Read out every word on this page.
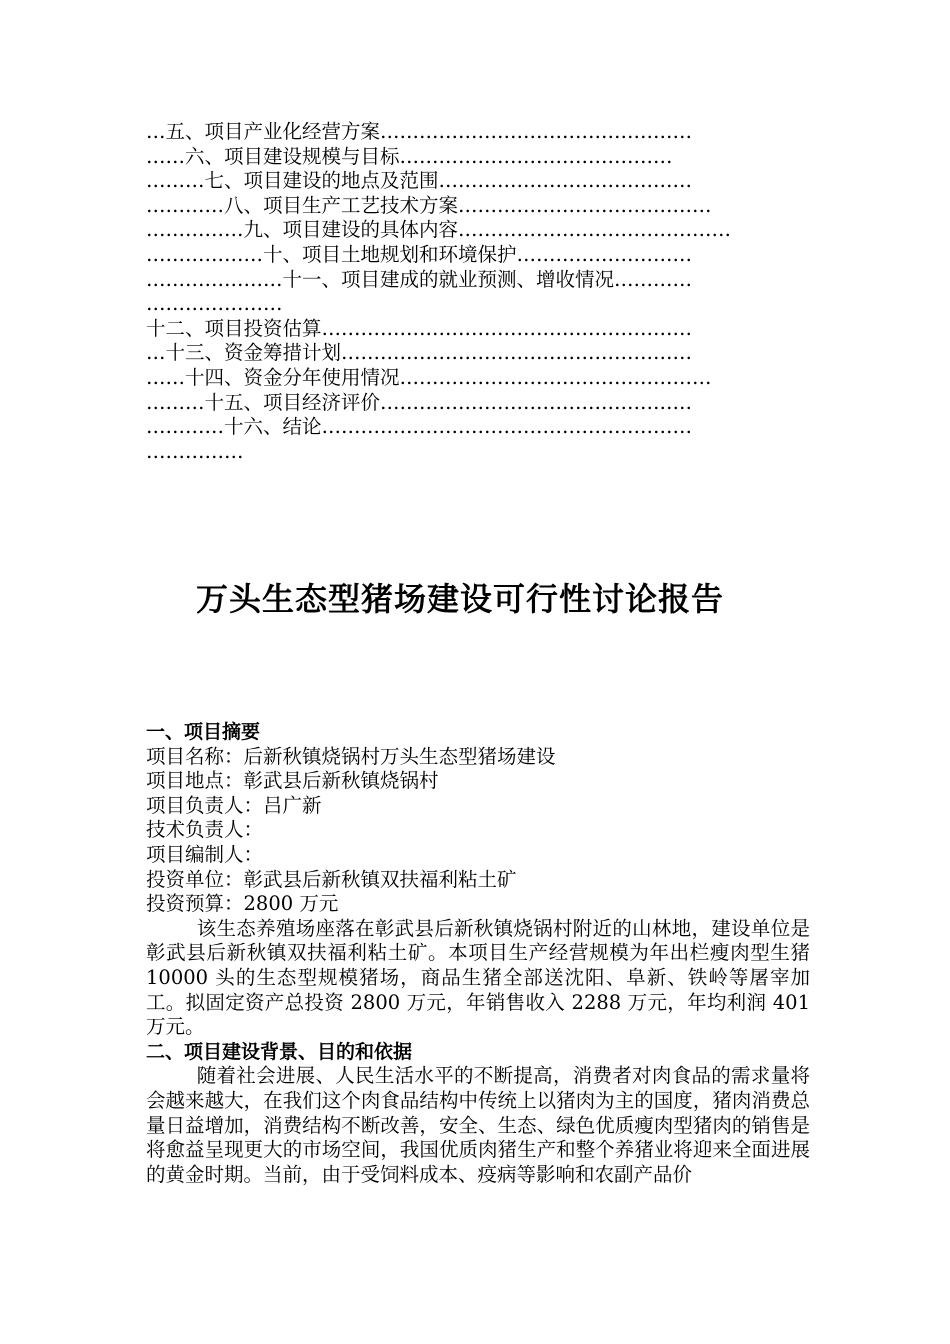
…五、项目产业化经营方案…………………………………………
……六、项目建设规模与目标……………………………………
………七、项目建设的地点及范围…………………………………
…………八、项目生产工艺技术方案…………………………………
……………九、项目建设的具体内容……………………………………
………………十、项目土地规划和环境保护………………………
…………………十一、项目建成的就业预测、增收情况…………
…………………
十二、项目投资估算…………………………………………………
…十三、资金筹措计划………………………………………………
……十四、资金分年使用情况…………………………………………
………十五、项目经济评价…………………………………………
…………十六、结论…………………………………………………
……………
万头生态型猪场建设可行性讨论报告
一、项目摘要

项目名称：后新秋镇烧锅村万头生态型猪场建设

项目地点：彰武县后新秋镇烧锅村

项目负责人：吕广新

技术负责人：

项目编制人：

投资单位：彰武县后新秋镇双扶福利粘土矿

投资预算：2800 万元

该生态养殖场座落在彰武县后新秋镇烧锅村附近的山林地，建设单位是彰武县后新秋镇双扶福利粘土矿。本项目生产经营规模为年出栏瘦肉型生猪 10000 头的生态型规模猪场，商品生猪全部送沈阳、阜新、铁岭等屠宰加工。拟固定资产总投资 2800 万元，年销售收入 2288 万元，年均利润 401 万元。

二、项目建设背景、目的和依据

随着社会进展、人民生活水平的不断提高，消费者对肉食品的需求量将会越来越大，在我们这个肉食品结构中传统上以猪肉为主的国度，猪肉消费总量日益增加，消费结构不断改善，安全、生态、绿色优质瘦肉型猪肉的销售是将愈益呈现更大的市场空间，我国优质肉猪生产和整个养猪业将迎来全面进展的黄金时期。当前，由于受饲料成本、疫病等影响和农副产品价
